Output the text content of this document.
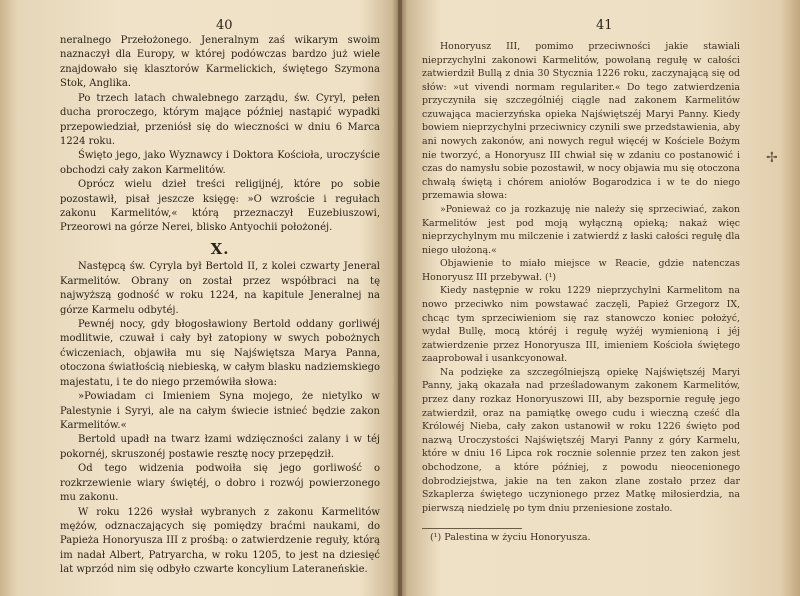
40

neralnego Przełożonego. Jeneralnym zaś wikarym swoim naznaczył dla Europy, w której podówczas bardzo już wiele znajdowało się klasztorów Karmelickich, świętego Szymona Stok, Anglika.

Po trzech latach chwalebnego zarządu, św. Cyryl, pełen ducha proroczego, którym mające później nastąpić wypadki przepowiedział, przeniósł się do wieczności w dniu 6 Marca 1224 roku.

Święto jego, jako Wyznawcy i Doktora Kościoła, uroczyście obchodzi cały zakon Karmelitów.

Oprócz wielu dzieł treści religijnéj, które po sobie pozostawił, pisał jeszcze księgę: »O wzroście i regułach zakonu Karmelitów,« którą przeznaczył Euzebiuszowi, Przeorowi na górze Nerei, blisko Antyochii położonéj.

X.

Następcą św. Cyryla był Bertold II, z kolei czwarty Jeneral Karmelitów. Obrany on został przez współbraci na tę najwyższą godność w roku 1224, na kapitule Jeneralnej na górze Karmelu odbytéj.

Pewnéj nocy, gdy błogosławiony Bertold oddany gorliwéj modlitwie, czuwał i cały był zatopiony w swych pobożnych ćwiczeniach, objawiła mu się Najświętsza Marya Panna, otoczona światłością niebieską, w całym blasku nadziemskiego majestatu, i te do niego przemówiła słowa:

»Powiadam ci Imieniem Syna mojego, że nietylko w Palestynie i Syryi, ale na całym świecie istnieć będzie zakon Karmelitów.«

Bertold upadł na twarz łzami wdzięczności zalany i w téj pokornéj, skruszonéj postawie resztę nocy przepędził.

Od tego widzenia podwoiła się jego gorliwość o rozkrzewienie wiary świętéj, o dobro i rozwój powierzonego mu zakonu.

W roku 1226 wysłał wybranych z zakonu Karmelitów mężów, odznaczających się pomiędzy braćmi naukami, do Papieża Honoryusza III z prośbą: o zatwierdzenie reguły, którą im nadał Albert, Patryarcha, w roku 1205, to jest na dziesięć lat wprzód nim się odbyło czwarte koncylium Lateraneńskie.

41

Honoryusz III, pomimo przeciwności jakie stawiali nieprzychylni zakonowi Karmelitów, powołaną regułę w całości zatwierdził Bullą z dnia 30 Stycznia 1226 roku, zaczynającą się od słów: »ut vivendi normam regulariter.« Do tego zatwierdzenia przyczyniła się szczególniéj ciągle nad zakonem Karmelitów czuwająca macierzyńska opieka Najświętszéj Maryi Panny. Kiedy bowiem nieprzychylni przeciwnicy czynili swe przedstawienia, aby ani nowych zakonów, ani nowych reguł więcéj w Kościele Bożym nie tworzyć, a Honoryusz III chwiał się w zdaniu co postanowić i czas do namysłu sobie pozostawił, w nocy objawia mu się otoczona chwałą świętą i chórem aniołów Bogarodzica i w te do niego przemawia słowa:

»Ponieważ co ja rozkazuję nie należy się sprzeciwiać, zakon Karmelitów jest pod moją wyłączną opieką; nakaż więc nieprzychylnym mu milczenie i zatwierdź z łaski całości regułę dla niego ułożoną.«

Objawienie to miało miejsce w Reacie, gdzie natenczas Honoryusz III przebywał. (¹)

Kiedy następnie w roku 1229 nieprzychylni Karmelitom na nowo przeciwko nim powstawać zaczęli, Papież Grzegorz IX, chcąc tym sprzeciwieniom się raz stanowczo koniec położyć, wydał Bullę, mocą któréj i regułę wyżéj wymienioną i jéj zatwierdzenie przez Honoryusza III, imieniem Kościoła świętego zaaprobował i usankcyonował.

Na podzięke za szczególniejszą opiekę Najświętszéj Maryi Panny, jaką okazała nad prześladowanym zakonem Karmelitów, przez dany rozkaz Honoryuszowi III, aby bezspornie regułę jego zatwierdził, oraz na pamiątkę owego cudu i wieczną cześć dla Królowéj Nieba, cały zakon ustanowił w roku 1226 święto pod nazwą Uroczystości Najświętszéj Maryi Panny z góry Karmelu, które w dniu 16 Lipca rok rocznie solennie przez ten zakon jest obchodzone, a które później, z powodu nieocenionego dobrodziejstwa, jakie na ten zakon zlane zostało przez dar Szkaplerza świętego uczynionego przez Matkę miłosierdzia, na pierwszą niedzielę po tym dniu przeniesione zostało.

(¹) Palestina w życiu Honoryusza.
✢
